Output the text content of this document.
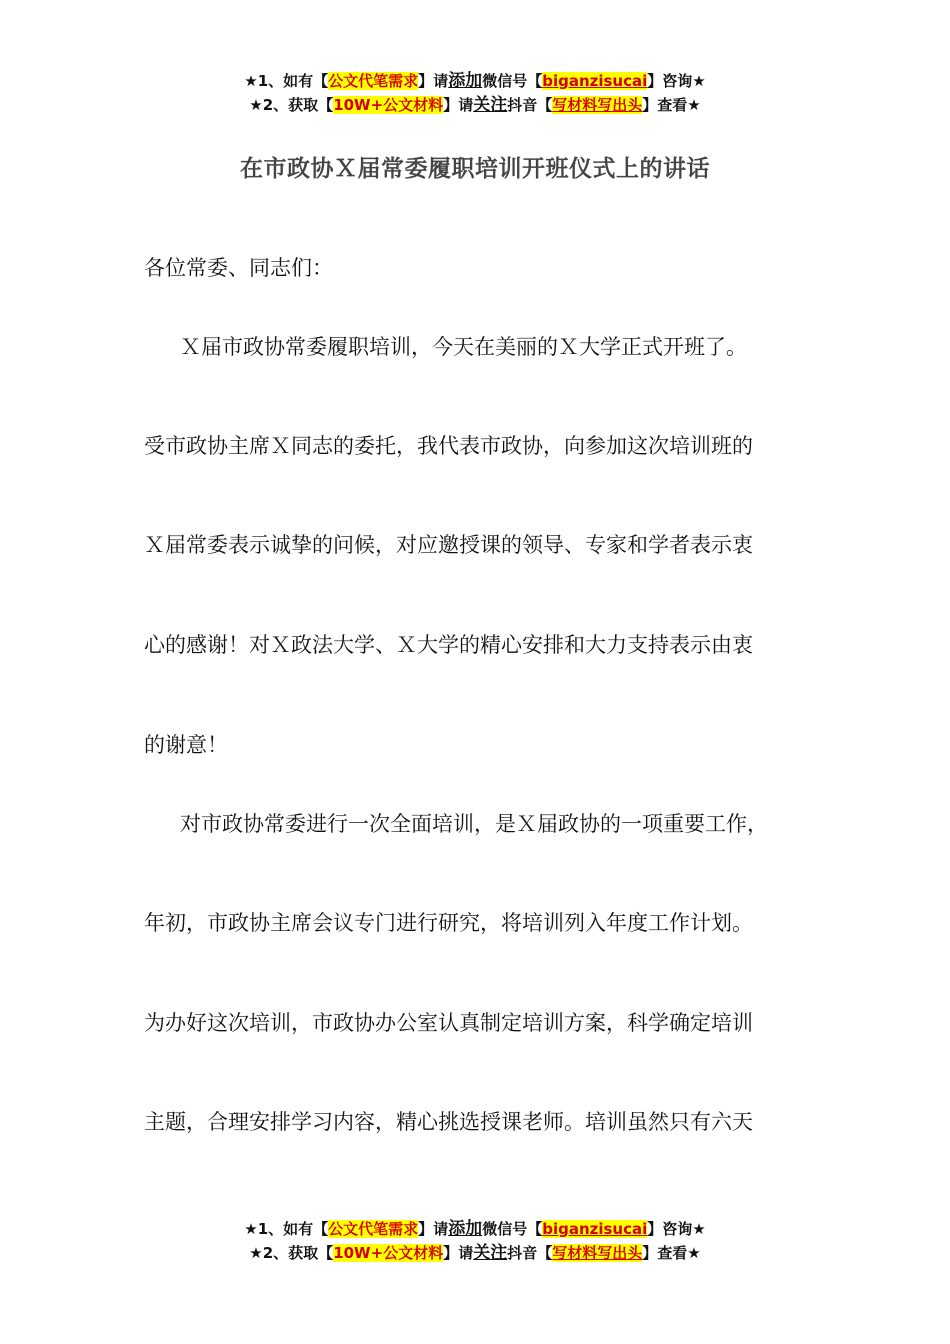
★1、如有【公文代笔需求】请添加微信号【biganzisucai】咨询★
★2、获取【10W+公文材料】请关注抖音【写材料写出头】查看★
在市政协Ｘ届常委履职培训开班仪式上的讲话
各位常委、同志们：
Ｘ届市政协常委履职培训，今天在美丽的Ｘ大学正式开班了。
受市政协主席Ｘ同志的委托，我代表市政协，向参加这次培训班的
Ｘ届常委表示诚挚的问候，对应邀授课的领导、专家和学者表示衷
心的感谢！对Ｘ政法大学、Ｘ大学的精心安排和大力支持表示由衷
的谢意！
对市政协常委进行一次全面培训，是Ｘ届政协的一项重要工作，
年初，市政协主席会议专门进行研究，将培训列入年度工作计划。
为办好这次培训，市政协办公室认真制定培训方案，科学确定培训
主题，合理安排学习内容，精心挑选授课老师。培训虽然只有六天
★1、如有【公文代笔需求】请添加微信号【biganzisucai】咨询★
★2、获取【10W+公文材料】请关注抖音【写材料写出头】查看★
